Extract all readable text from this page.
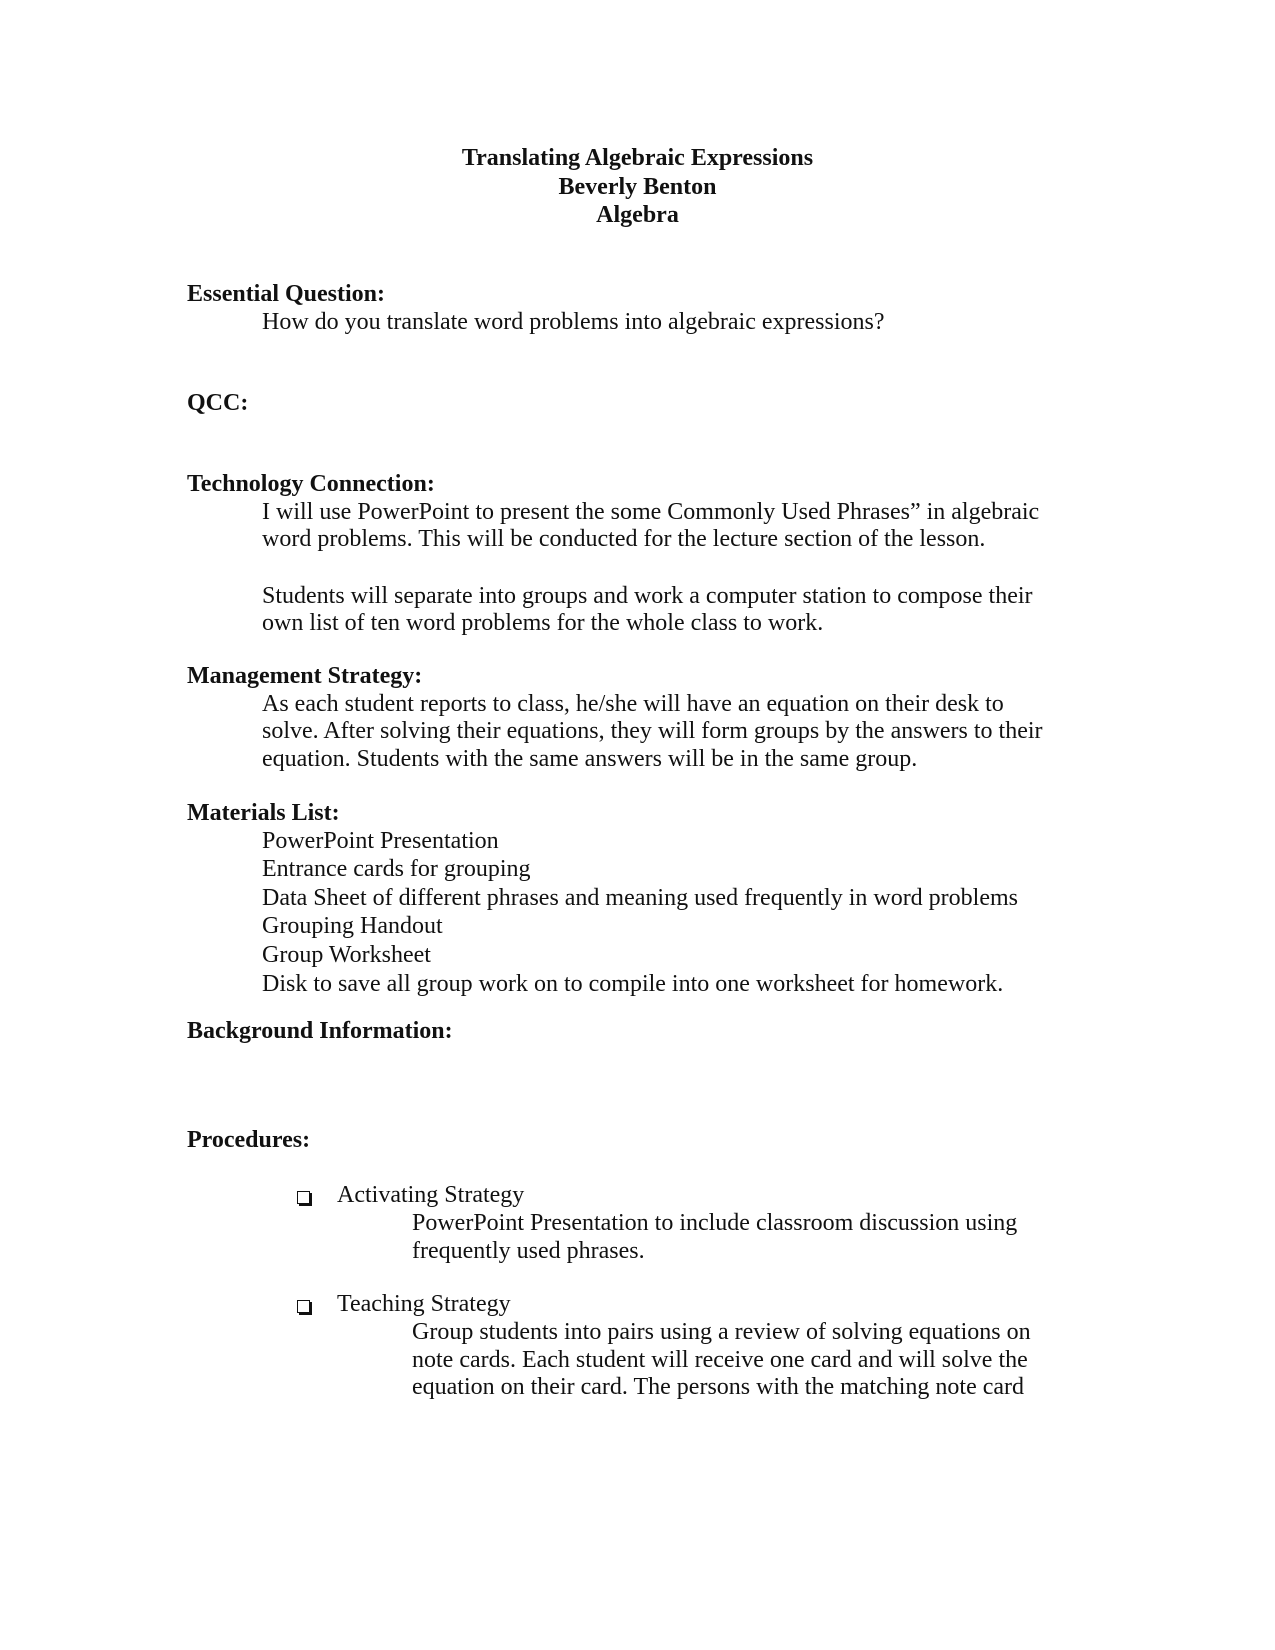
Translating Algebraic Expressions
Beverly Benton
Algebra
Essential Question:
How do you translate word problems into algebraic expressions?
QCC:
Technology Connection:
I will use PowerPoint to present the some Commonly Used Phrases” in algebraic
word problems. This will be conducted for the lecture section of the lesson.
Students will separate into groups and work a computer station to compose their
own list of ten word problems for the whole class to work.
Management Strategy:
As each student reports to class, he/she will have an equation on their desk to
solve. After solving their equations, they will form groups by the answers to their
equation. Students with the same answers will be in the same group.
Materials List:
PowerPoint Presentation
Entrance cards for grouping
Data Sheet of different phrases and meaning used frequently in word problems
Grouping Handout
Group Worksheet
Disk to save all group work on to compile into one worksheet for homework.
Background Information:
Procedures:
Activating Strategy
PowerPoint Presentation to include classroom discussion using
frequently used phrases.
Teaching Strategy
Group students into pairs using a review of solving equations on
note cards. Each student will receive one card and will solve the
equation on their card. The persons with the matching note card
